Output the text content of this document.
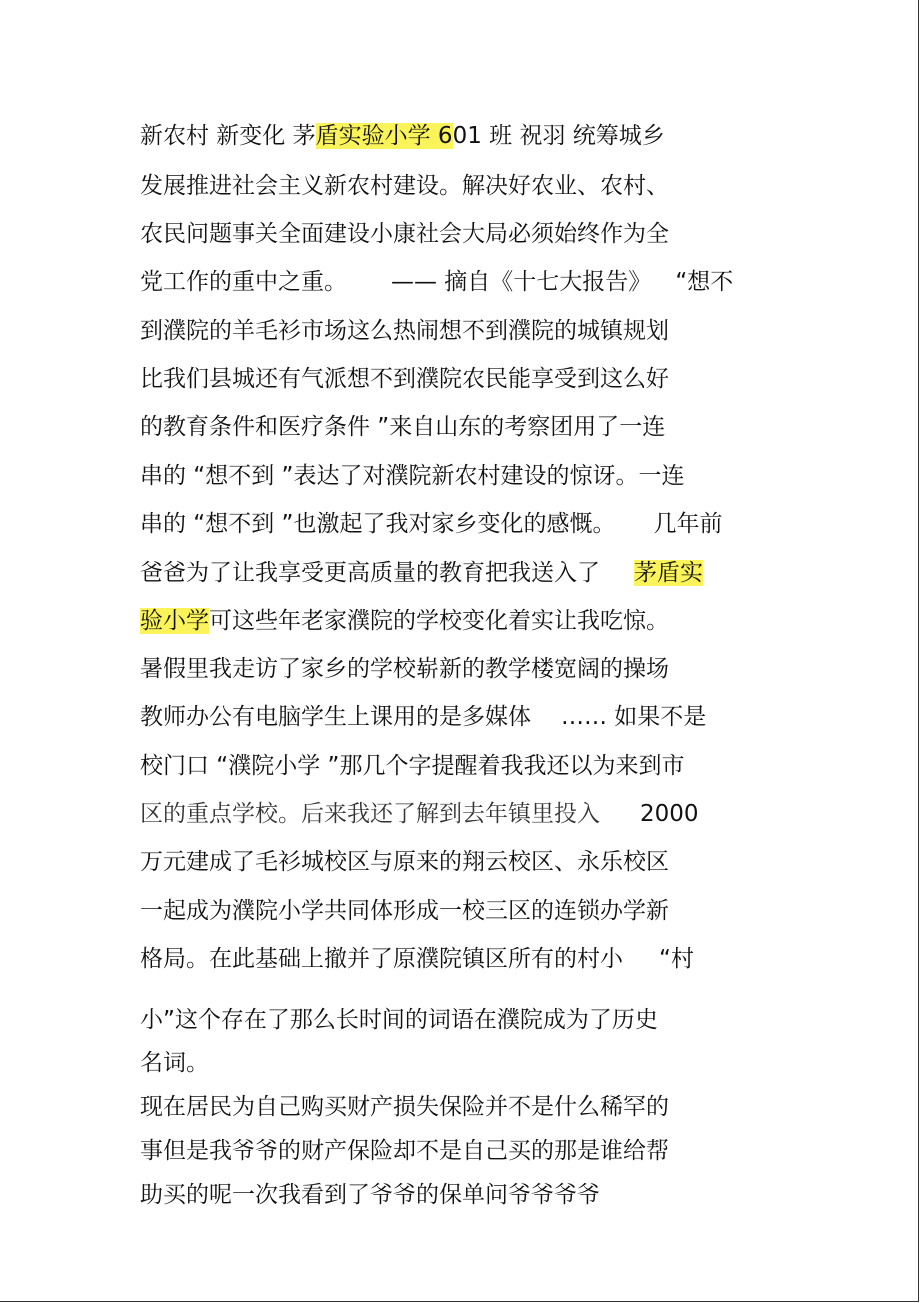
新农村 新变化 茅盾实验小学 601 班 祝羽 统筹城乡
发展推进社会主义新农村建设。解决好农业、农村、
农民问题事关全面建设小康社会大局必须始终作为全
党工作的重中之重。 —— 摘自《十七大报告》 “想不
到濮院的羊毛衫市场这么热闹想不到濮院的城镇规划
比我们县城还有气派想不到濮院农民能享受到这么好
的教育条件和医疗条件 ”来自山东的考察团用了一连
串的 “想不到 ”表达了对濮院新农村建设的惊讶。一连
串的 “想不到 ”也激起了我对家乡变化的感慨。 几年前
爸爸为了让我享受更高质量的教育把我送入了 茅盾实
验小学可这些年老家濮院的学校变化着实让我吃惊。
暑假里我走访了家乡的学校崭新的教学楼宽阔的操场
教师办公有电脑学生上课用的是多媒体 …… 如果不是
校门口 “濮院小学 ”那几个字提醒着我我还以为来到市
区的重点学校。后来我还了解到去年镇里投入 2000
万元建成了毛衫城校区与原来的翔云校区、永乐校区
一起成为濮院小学共同体形成一校三区的连锁办学新
格局。在此基础上撤并了原濮院镇区所有的村小 “村
小”这个存在了那么长时间的词语在濮院成为了历史
名词。
现在居民为自己购买财产损失保险并不是什么稀罕的
事但是我爷爷的财产保险却不是自己买的那是谁给帮
助买的呢一次我看到了爷爷的保单问爷爷爷爷
